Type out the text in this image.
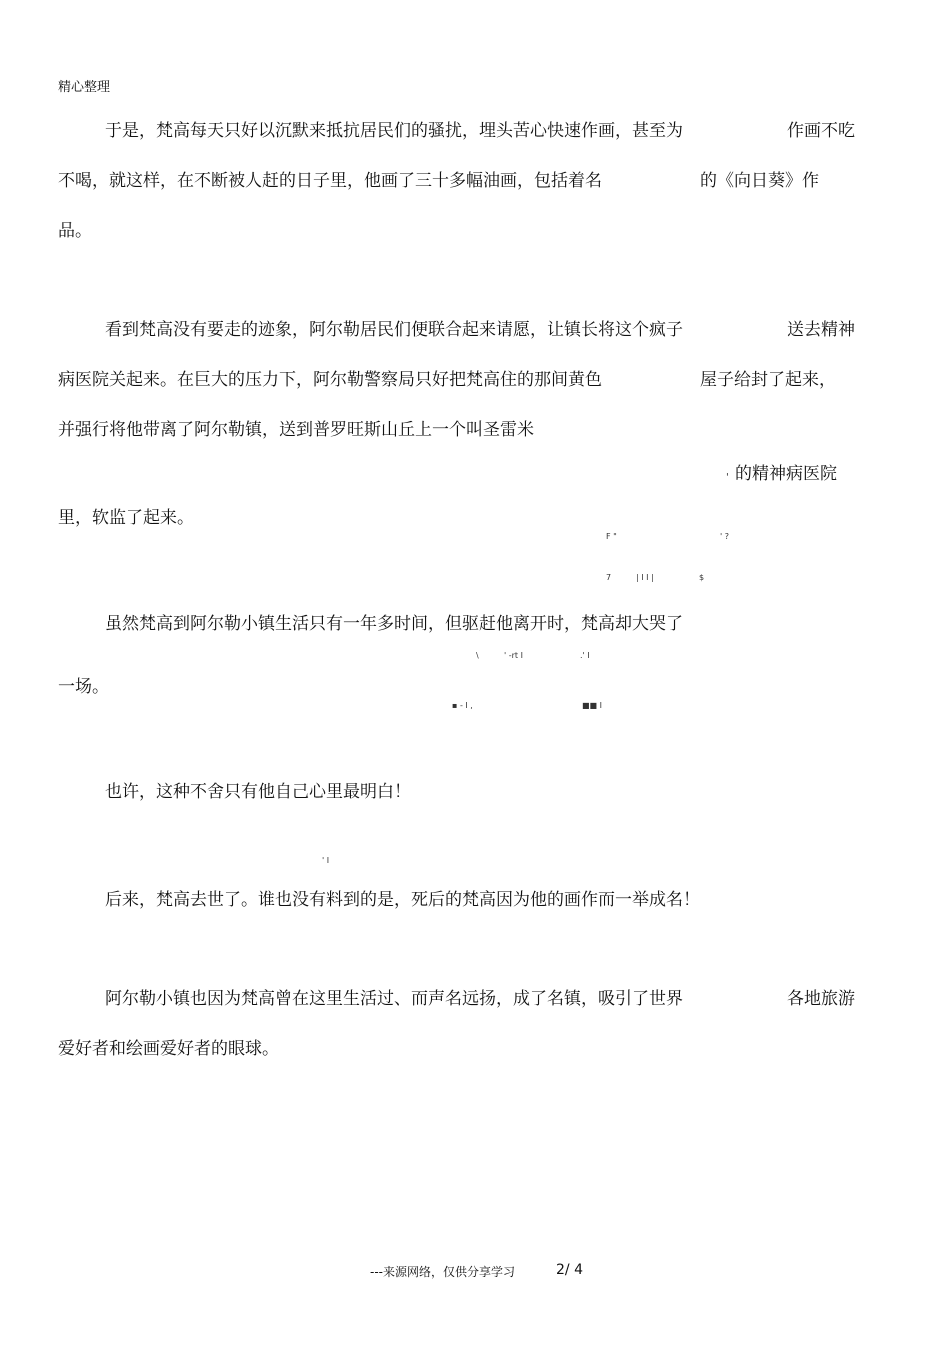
精心整理
于是，梵高每天只好以沉默来抵抗居民们的骚扰，埋头苦心快速作画，甚至为	作画不吃
不喝，就这样，在不断被人赶的日子里，他画了三十多幅油画，包括着名	的《向日葵》作
品。
看到梵高没有要走的迹象，阿尔勒居民们便联合起来请愿，让镇长将这个疯子	送去精神
病医院关起来。在巨大的压力下，阿尔勒警察局只好把梵高住的那间黄色	屋子给封了起来，
并强行将他带离了阿尔勒镇，送到普罗旺斯山丘上一个叫圣雷米
' 的精神病医院
里，软监了起来。
F "	' ?
7	| I I |	$
虽然梵高到阿尔勒小镇生活只有一年多时间，但驱赶他离开时，梵高却大哭了
\	' -rt I	.' I
一场。
▪ - I ,	■■ I
也许，这种不舍只有他自己心里最明白！
' I
后来，梵高去世了。谁也没有料到的是，死后的梵高因为他的画作而一举成名！
阿尔勒小镇也因为梵高曾在这里生活过、而声名远扬，成了名镇，吸引了世界	各地旅游
爱好者和绘画爱好者的眼球。
---来源网络，仅供分享学习	2/ 4
